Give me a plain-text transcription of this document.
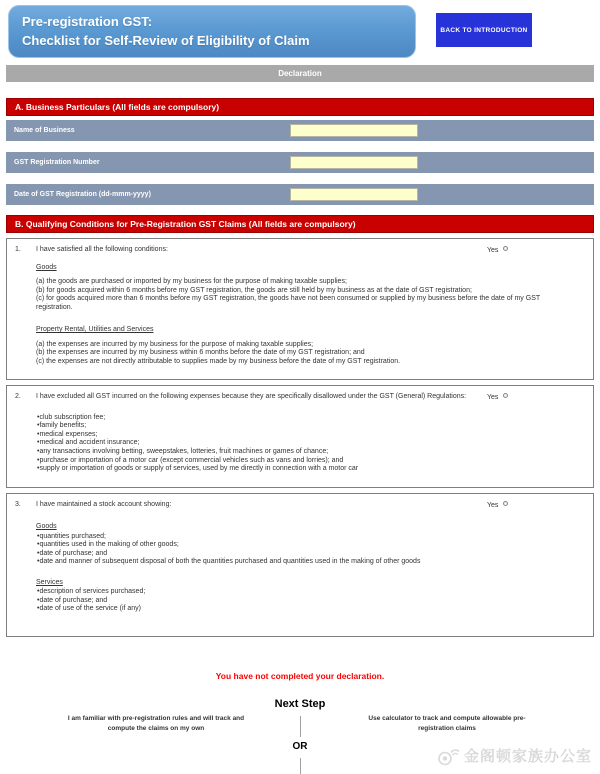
Pre-registration GST:
Checklist for Self-Review of Eligibility of Claim
BACK TO INTRODUCTION
Declaration
A. Business Particulars (All fields are compulsory)
Name of Business
GST Registration Number
Date of GST Registration (dd-mmm-yyyy)
B. Qualifying Conditions for Pre-Registration GST Claims (All fields are compulsory)
1.	I have satisfied all the following conditions:	Yes
Goods
(a) the goods are purchased or imported by my business for the purpose of making taxable supplies;
(b) for goods acquired within 6 months before my GST registration, the goods are still held by my business as at the date of GST registration;
(c) for goods acquired more than 6 months before my GST registration, the goods have not been consumed or supplied by my business before the date of my GST registration.
Property Rental, Utilities and Services
(a) the expenses are incurred by my business for the purpose of making taxable supplies;
(b) the expenses are incurred by my business within 6 months before the date of my GST registration; and
(c) the expenses are not directly attributable to supplies made by my business before the date of my GST registration.
2.	I have excluded all GST incurred on the following expenses because they are specifically disallowed under the GST (General) Regulations:	Yes
• club subscription fee;
• family benefits;
• medical expenses;
• medical and accident insurance;
• any transactions involving betting, sweepstakes, lotteries, fruit machines or games of chance;
• purchase or importation of a motor car (except commercial vehicles such as vans and lorries); and
• supply or importation of goods or supply of services, used by me directly in connection with a motor car
3.	I have maintained a stock account showing:	Yes
Goods
• quantities purchased;
• quantities used in the making of other goods;
• date of purchase; and
• date and manner of subsequent disposal of both the quantities purchased and quantities used in the making of other goods
Services
• description of services purchased;
• date of purchase; and
• date of use of the service (if any)
You have not completed your declaration.
Next Step
I am familiar with pre-registration rules and will track and compute the claims on my own
Use calculator to track and compute allowable pre-registration claims
OR
金阁顿家族办公室
